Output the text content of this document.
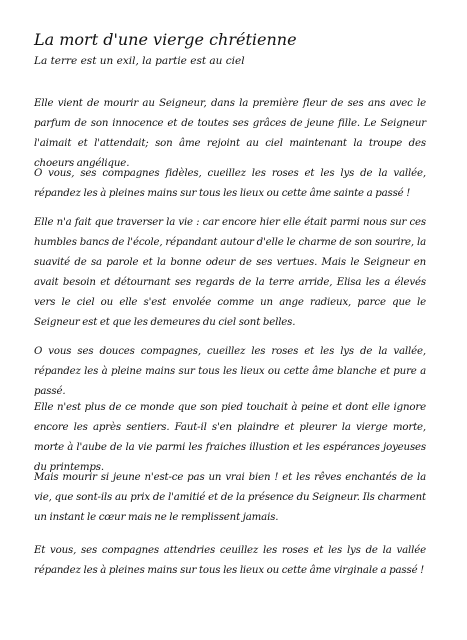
La mort d'une vierge chrétienne
La terre est un exil, la partie est au ciel

Elle vient de mourir au Seigneur, dans la première fleur de ses ans avec le parfum de son innocence et de toutes ses grâces de jeune fille. Le Seigneur l'aimait et l'attendait; son âme rejoint au ciel maintenant la troupe des choeurs angélique.

O vous, ses compagnes fidèles, cueillez les roses et les lys de la vallée, répandez les à pleines mains sur tous les lieux ou cette âme sainte a passé !

Elle n'a fait que traverser la vie : car encore hier elle était parmi nous sur ces humbles bancs de l'école, répandant autour d'elle le charme de son sourire, la suavité de sa parole et la bonne odeur de ses vertues. Mais le Seigneur en avait besoin et détournant ses regards de la terre arride, Elisa les a élevés vers le ciel ou elle s'est envolée comme un ange radieux, parce que le Seigneur est et que les demeures du ciel sont belles.

O vous ses douces compagnes, cueillez les roses et les lys de la vallée, répandez les à pleine mains sur tous les lieux ou cette âme blanche et pure a passé.

Elle n'est plus de ce monde que son pied touchait à peine et dont elle ignore encore les après sentiers. Faut-il s'en plaindre et pleurer la vierge morte, morte à l'aube de la vie parmi les fraiches illustion et les espérances joyeuses du printemps.

Mais mourir si jeune n'est-ce pas un vrai bien ! et les rêves enchantés de la vie, que sont-ils au prix de l'amitié et de la présence du Seigneur. Ils charment un instant le cœur mais ne le remplissent jamais.

Et vous, ses compagnes attendries ceuillez les roses et les lys de la vallée répandez les à pleines mains sur tous les lieux ou cette âme virginale a passé !
